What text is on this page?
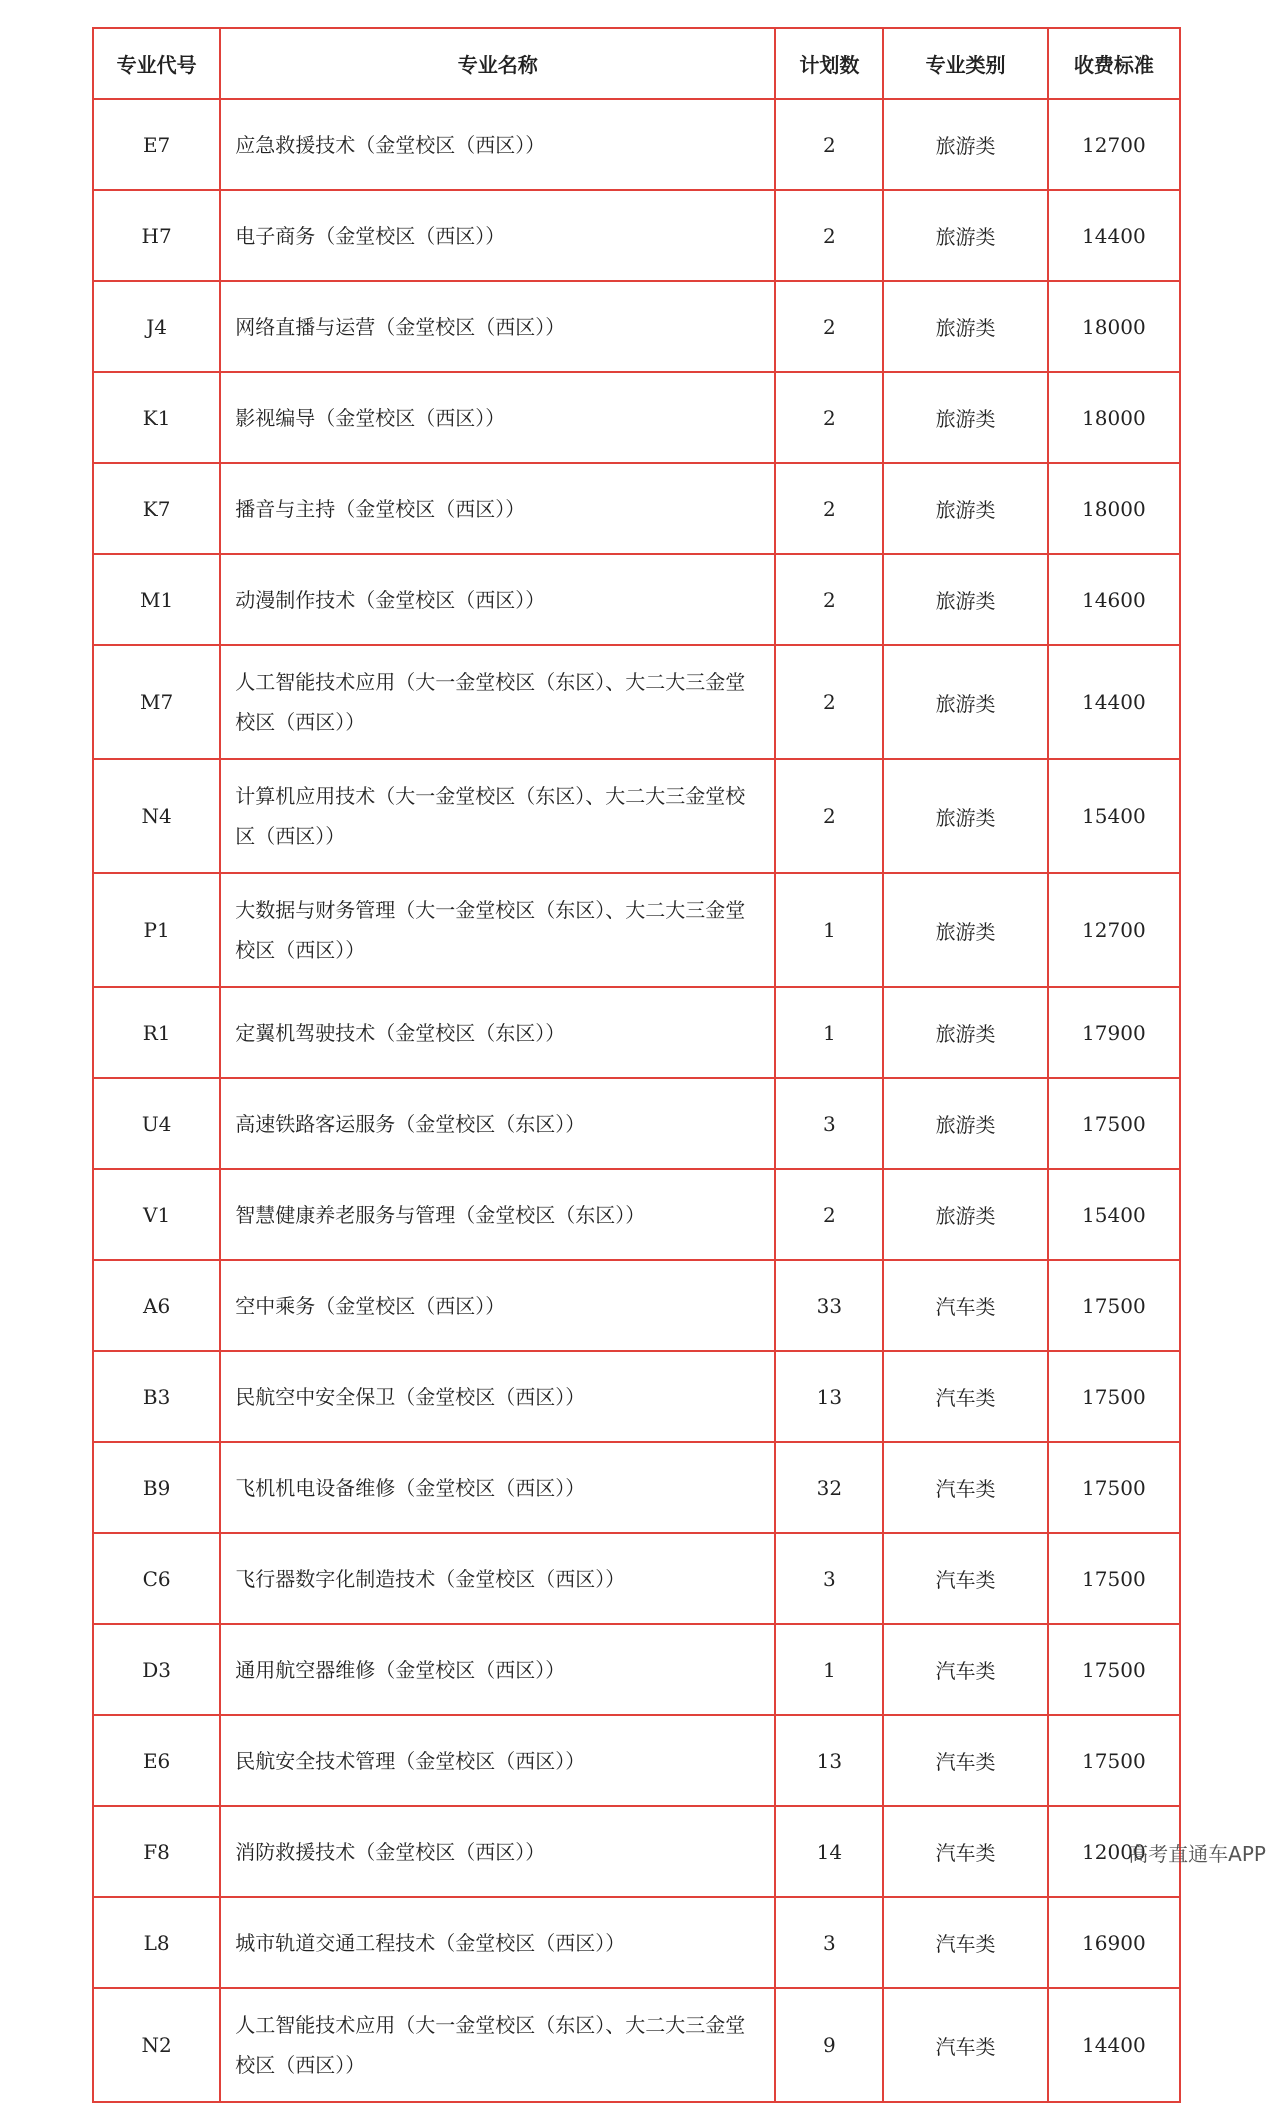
专业代号	专业名称	计划数	专业类别	收费标准
E7	应急救援技术（金堂校区（西区））	2	旅游类	12700
H7	电子商务（金堂校区（西区））	2	旅游类	14400
J4	网络直播与运营（金堂校区（西区））	2	旅游类	18000
K1	影视编导（金堂校区（西区））	2	旅游类	18000
K7	播音与主持（金堂校区（西区））	2	旅游类	18000
M1	动漫制作技术（金堂校区（西区））	2	旅游类	14600
M7	人工智能技术应用（大一金堂校区（东区）、大二大三金堂校区（西区））	2	旅游类	14400
N4	计算机应用技术（大一金堂校区（东区）、大二大三金堂校区（西区））	2	旅游类	15400
P1	大数据与财务管理（大一金堂校区（东区）、大二大三金堂校区（西区））	1	旅游类	12700
R1	定翼机驾驶技术（金堂校区（东区））	1	旅游类	17900
U4	高速铁路客运服务（金堂校区（东区））	3	旅游类	17500
V1	智慧健康养老服务与管理（金堂校区（东区））	2	旅游类	15400
A6	空中乘务（金堂校区（西区））	33	汽车类	17500
B3	民航空中安全保卫（金堂校区（西区））	13	汽车类	17500
B9	飞机机电设备维修（金堂校区（西区））	32	汽车类	17500
C6	飞行器数字化制造技术（金堂校区（西区））	3	汽车类	17500
D3	通用航空器维修（金堂校区（西区））	1	汽车类	17500
E6	民航安全技术管理（金堂校区（西区））	13	汽车类	17500
F8	消防救援技术（金堂校区（西区））	14	汽车类	12000
L8	城市轨道交通工程技术（金堂校区（西区））	3	汽车类	16900
N2	人工智能技术应用（大一金堂校区（东区）、大二大三金堂校区（西区））	9	汽车类	14400
高考直通车APP
